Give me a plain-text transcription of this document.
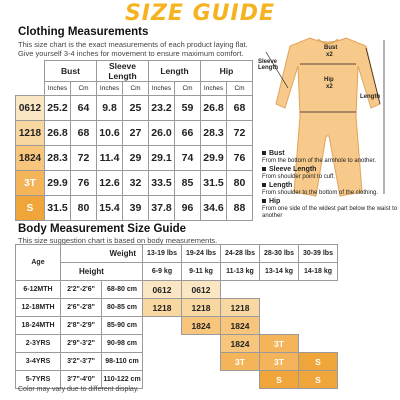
SIZE GUIDE
Clothing Measurements
This size chart is the exact measurements of each product laying flat.
Give yourself 3-4 inches for movement to ensure maximum comfort.
	Bust		Sleeve Length		Length		Hip	
	Inches	Cm	Inches	Cm	Inches	Cm	Inches	Cm
0612	25.2	64	9.8	25	23.2	59	26.8	68
1218	26.8	68	10.6	27	26.0	66	28.3	72
1824	28.3	72	11.4	29	29.1	74	29.9	76
3T	29.9	76	12.6	32	33.5	85	31.5	80
S	31.5	80	15.4	39	37.8	96	34.6	88
Body Measurement Size Guide
This size suggestion chart is based on body measurements.
Age	Weight		13-19 lbs	19-24 lbs	24-28 lbs	28-30 lbs	30-39 lbs
	Height		6-9 kg	9-11 kg	11-13 kg	13-14 kg	14-18 kg
6-12MTH	2'2"-2'6"	68-80 cm	0612	0612			
12-18MTH	2'6"-2'8"	80-85 cm	1218	1218	1218		
18-24MTH	2'8"-2'9"	85-90 cm		1824	1824		
2-3YRS	2'9"-3'2"	90-98 cm			1824	3T	
3-4YRS	3'2"-3'7"	98-110 cm			3T	3T	S
5-7YRS	3'7"-4'0"	110-122 cm				S	S
Bust
x2
Sleeve Length
Hip
x2
Length
Bust
From the bottom of the armhole to another.
Sleeve Length
From shoulder point to cuff.
Length
From shoulder to the bottom of the clothing.
Hip
From one side of the widest part below the waist to another
Color may vary due to different display.
